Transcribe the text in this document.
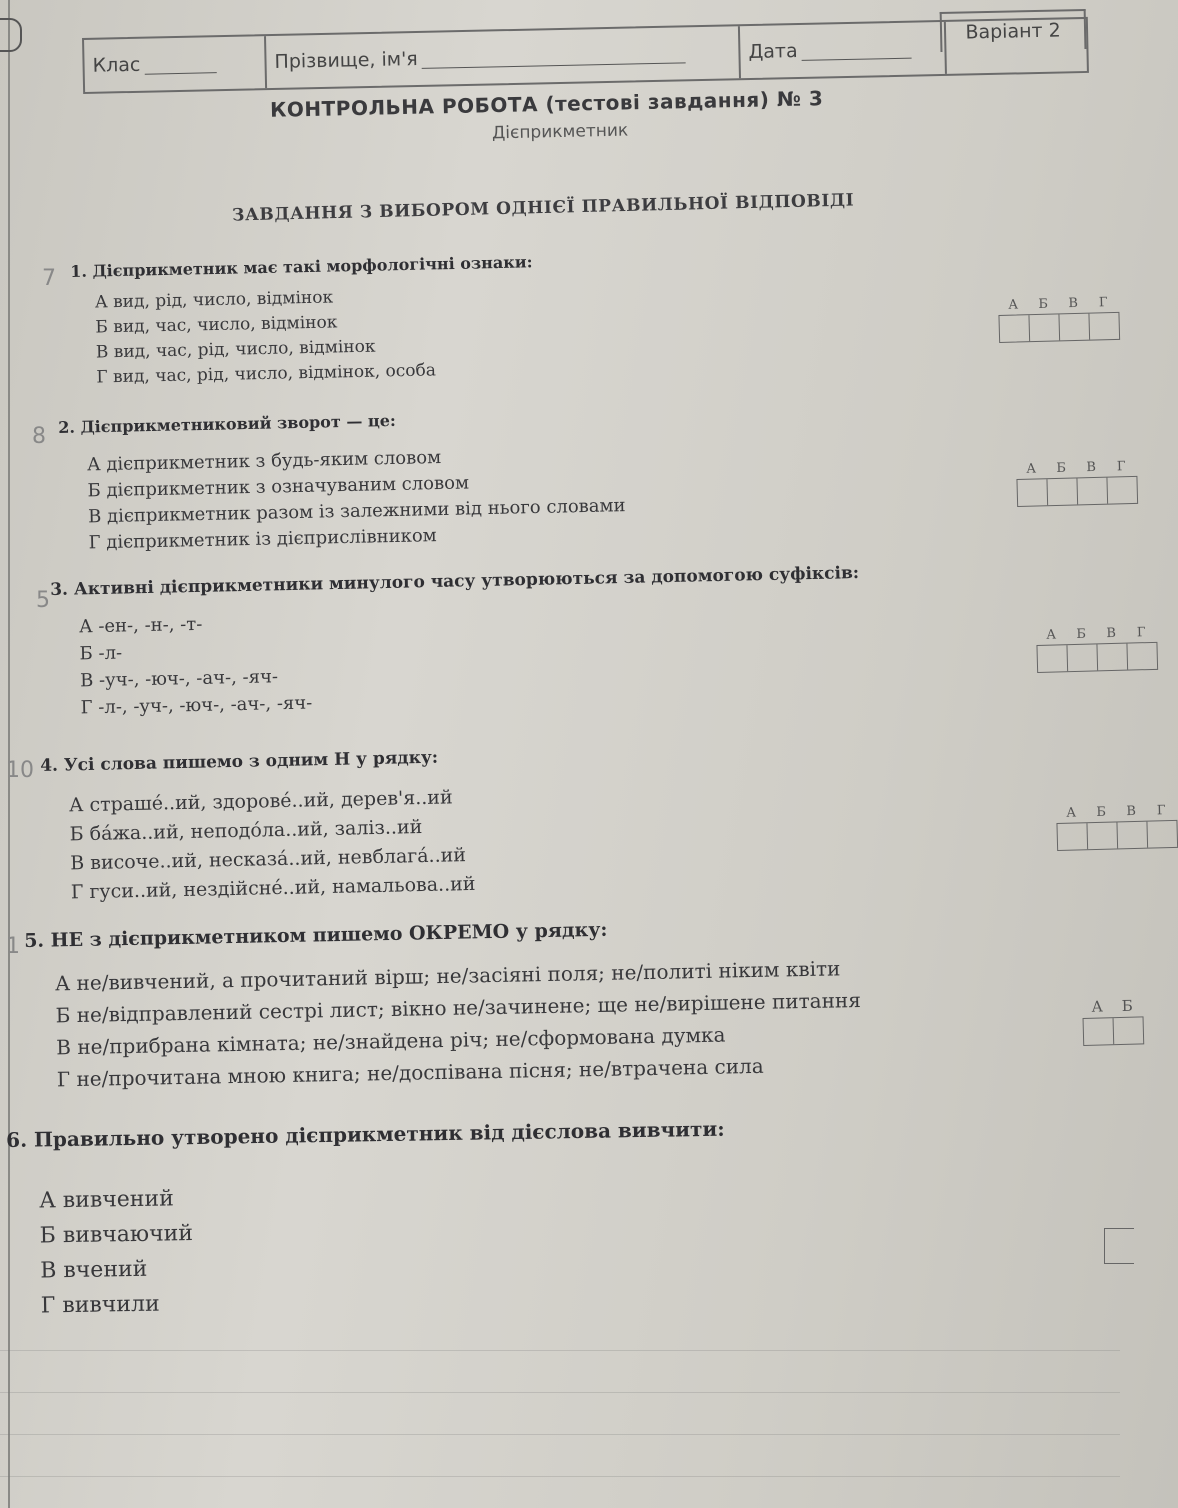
Клас	Прізвище, ім'я	Дата
Варіант 2
КОНТРОЛЬНА РОБОТА (тестові завдання) № 3
Дієприкметник
ЗАВДАННЯ З ВИБОРОМ ОДНІЄЇ ПРАВИЛЬНОЇ ВІДПОВІДІ
1. Дієприкметник має такі морфологічні ознаки:
А вид, рід, число, відмінок
Б вид, час, число, відмінок
В вид, час, рід, число, відмінок
Г вид, час, рід, число, відмінок, особа
А	Б	В	Г
2. Дієприкметниковий зворот — це:
А дієприкметник з будь-яким словом
Б дієприкметник з означуваним словом
В дієприкметник разом із залежними від нього словами
Г дієприкметник із дієприслівником
А	Б	В	Г
3. Активні дієприкметники минулого часу утворюються за допомогою суфіксів:
А -ен-, -н-, -т-
Б -л-
В -уч-, -юч-, -ач-, -яч-
Г -л-, -уч-, -юч-, -ач-, -яч-
А	Б	В	Г
4. Усі слова пишемо з одним Н у рядку:
А страшé..ий, здоровé..ий, дерев'я..ий
Б бáжа..ий, неподóла..ий, заліз..ий
В височе..ий, несказá..ий, невблагá..ий
Г гуси..ий, нездійснé..ий, намальова..ий
А	Б	В	Г
5. НЕ з дієприкметником пишемо ОКРЕМО у рядку:
А не/вивчений, а прочитаний вірш; не/засіяні поля; не/политі ніким квіти
Б не/відправлений сестрі лист; вікно не/зачинене; ще не/вирішене питання
В не/прибрана кімната; не/знайдена річ; не/сформована думка
Г не/прочитана мною книга; не/доспівана пісня; не/втрачена сила
А	Б
6. Правильно утворено дієприкметник від дієслова вивчити:
А вивчений
Б вивчаючий
В вчений
Г вивчили
7
8
5
10
1
